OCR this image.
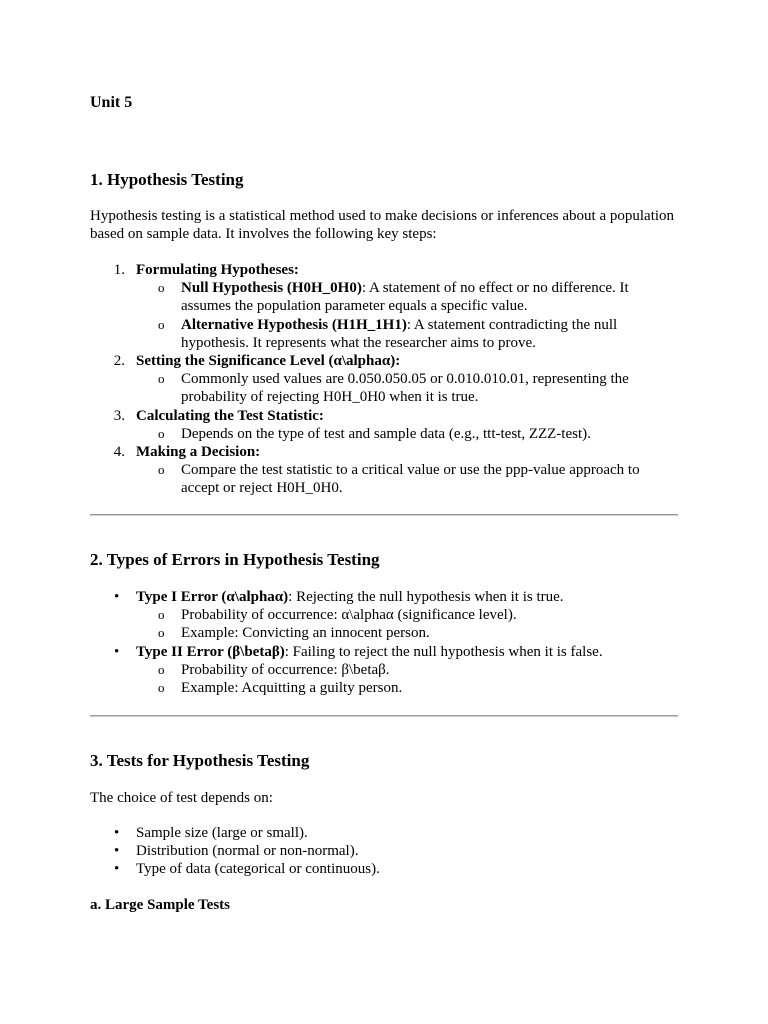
Unit 5
1. Hypothesis Testing

Hypothesis testing is a statistical method used to make decisions or inferences about a population based on sample data. It involves the following key steps:

1. Formulating Hypotheses:
o Null Hypothesis (H0H_0H0): A statement of no effect or no difference. It assumes the population parameter equals a specific value.
o Alternative Hypothesis (H1H_1H1): A statement contradicting the null hypothesis. It represents what the researcher aims to prove.
2. Setting the Significance Level (α\alphaα):
o Commonly used values are 0.050.050.05 or 0.010.010.01, representing the probability of rejecting H0H_0H0 when it is true.
3. Calculating the Test Statistic:
o Depends on the type of test and sample data (e.g., ttt-test, ZZZ-test).
4. Making a Decision:
o Compare the test statistic to a critical value or use the ppp-value approach to accept or reject H0H_0H0.
2. Types of Errors in Hypothesis Testing
• Type I Error (α\alphaα): Rejecting the null hypothesis when it is true.
o Probability of occurrence: α\alphaα (significance level).
o Example: Convicting an innocent person.
• Type II Error (β\betaβ): Failing to reject the null hypothesis when it is false.
o Probability of occurrence: β\betaβ.
o Example: Acquitting a guilty person.
3. Tests for Hypothesis Testing

The choice of test depends on:

• Sample size (large or small).
• Distribution (normal or non-normal).
• Type of data (categorical or continuous).
a. Large Sample Tests
